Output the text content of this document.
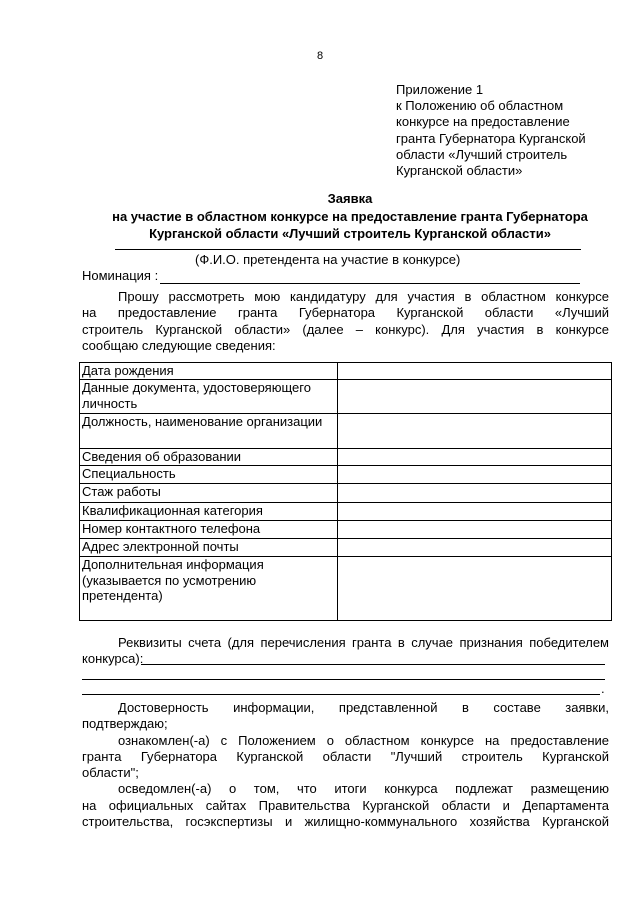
8
Приложение 1
к Положению об областном
конкурсе на предоставление
гранта Губернатора Курганской
области «Лучший строитель
Курганской области»
Заявка
на участие в областном конкурсе на предоставление гранта Губернатора
Курганской области «Лучший строитель Курганской области»
(Ф.И.О. претендента на участие в конкурсе)
Номинация :
Прошу рассмотреть мою кандидатуру для участия в областном конкурсе
на предоставление гранта Губернатора Курганской области «Лучший
строитель Курганской области» (далее – конкурс). Для участия в конкурсе
сообщаю следующие сведения:
Дата рождения	
Данные документа, удостоверяющего личность	
Должность, наименование организации	
Сведения об образовании	
Специальность	
Стаж работы	
Квалификационная категория	
Номер контактного телефона	
Адрес электронной почты	
Дополнительная информация (указывается по усмотрению претендента)	
Реквизиты счета (для перечисления гранта в случае признания победителем
конкурса):
.
Достоверность информации, представленной в составе заявки,
подтверждаю;
ознакомлен(-а) с Положением о областном конкурсе на предоставление
гранта Губернатора Курганской области "Лучший строитель Курганской
области";
осведомлен(-а) о том, что итоги конкурса подлежат размещению
на официальных сайтах Правительства Курганской области и Департамента
строительства, госэкспертизы и жилищно-коммунального хозяйства Курганской
